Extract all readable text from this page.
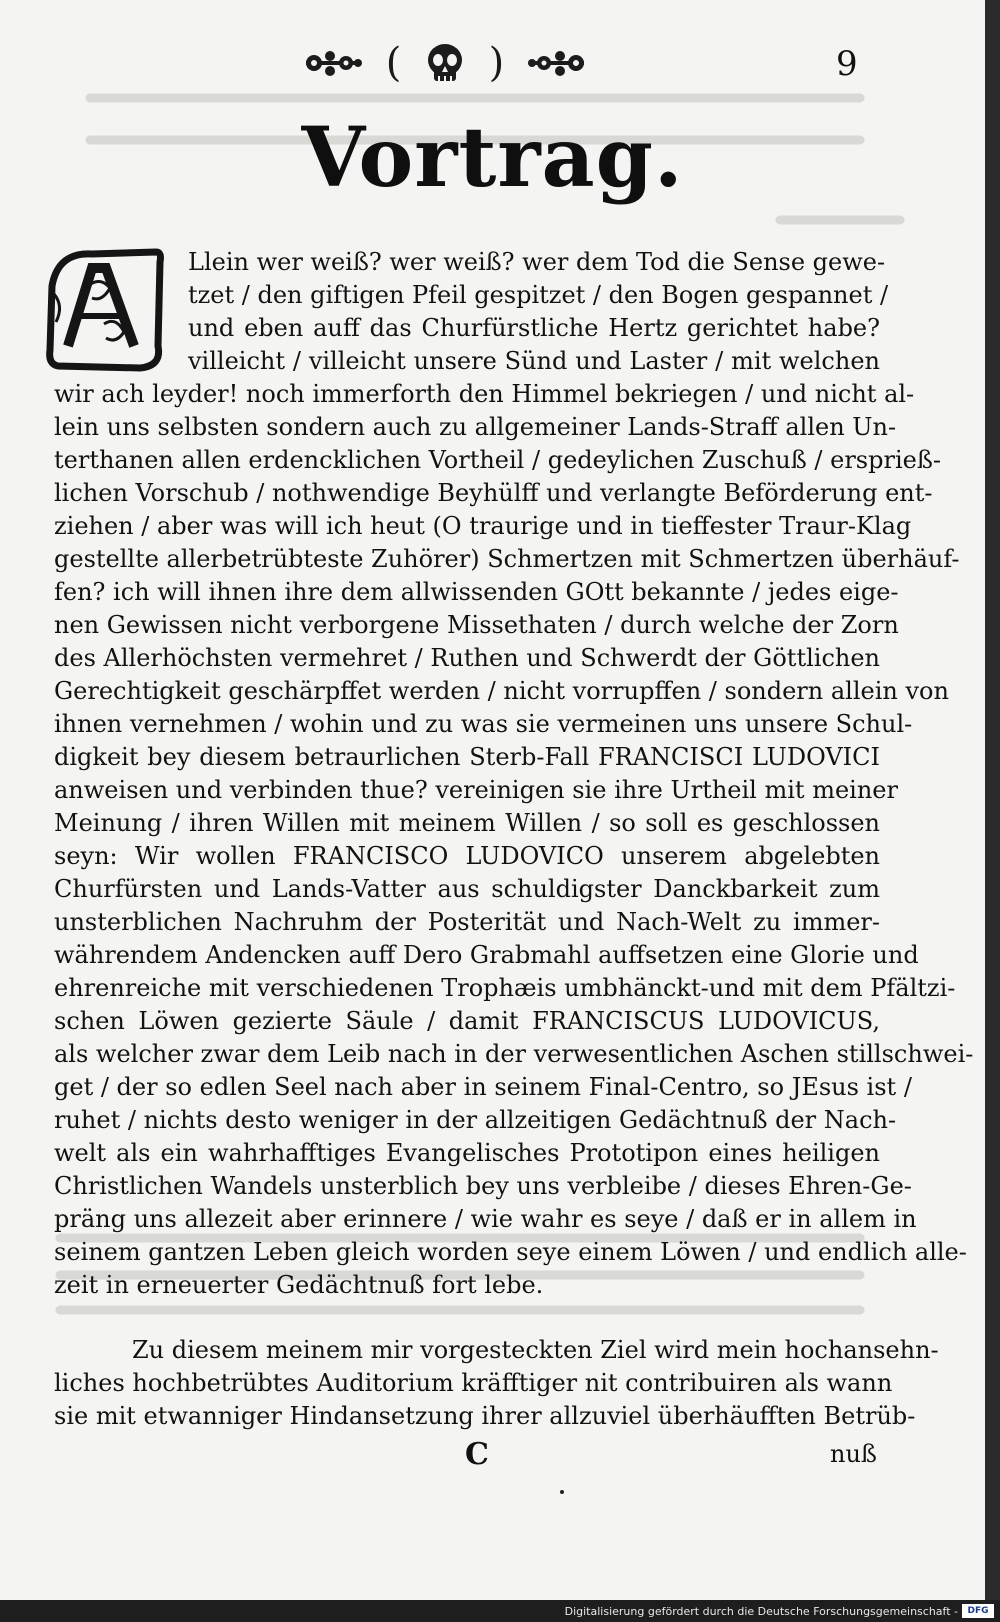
( )	9
Vortrag.
Llein wer weiß? wer weiß? wer dem Tod die Sense gewe-
tzet / den giftigen Pfeil gespitzet / den Bogen gespannet /
und eben auff das Churfürstliche Hertz gerichtet habe?
villeicht / villeicht unsere Sünd und Laster / mit welchen
wir ach leyder! noch immerforth den Himmel bekriegen / und nicht al-
lein uns selbsten sondern auch zu allgemeiner Lands-Straff allen Un-
terthanen allen erdencklichen Vortheil / gedeylichen Zuschuß / ersprieß-
lichen Vorschub / nothwendige Beyhülff und verlangte Beförderung ent-
ziehen / aber was will ich heut (O traurige und in tieffester Traur-Klag
gestellte allerbetrübteste Zuhörer) Schmertzen mit Schmertzen überhäuf-
fen? ich will ihnen ihre dem allwissenden GOtt bekannte / jedes eige-
nen Gewissen nicht verborgene Missethaten / durch welche der Zorn
des Allerhöchsten vermehret / Ruthen und Schwerdt der Göttlichen
Gerechtigkeit geschärpffet werden / nicht vorrupffen / sondern allein von
ihnen vernehmen / wohin und zu was sie vermeinen uns unsere Schul-
digkeit bey diesem betraurlichen Sterb-Fall FRANCISCI LUDOVICI
anweisen und verbinden thue? vereinigen sie ihre Urtheil mit meiner
Meinung / ihren Willen mit meinem Willen / so soll es geschlossen
seyn: Wir wollen FRANCISCO LUDOVICO unserem abgelebten
Churfürsten und Lands-Vatter aus schuldigster Danckbarkeit zum
unsterblichen Nachruhm der Posterität und Nach-Welt zu immer-
währendem Andencken auff Dero Grabmahl auffsetzen eine Glorie und
ehrenreiche mit verschiedenen Trophæis umbhänckt-und mit dem Pfältzi-
schen Löwen gezierte Säule / damit FRANCISCUS LUDOVICUS,
als welcher zwar dem Leib nach in der verwesentlichen Aschen stillschwei-
get / der so edlen Seel nach aber in seinem Final-Centro, so JEsus ist /
ruhet / nichts desto weniger in der allzeitigen Gedächtnuß der Nach-
welt als ein wahrhafftiges Evangelisches Prototipon eines heiligen
Christlichen Wandels unsterblich bey uns verbleibe / dieses Ehren-Ge-
präng uns allezeit aber erinnere / wie wahr es seye / daß er in allem in
seinem gantzen Leben gleich worden seye einem Löwen / und endlich alle-
zeit in erneuerter Gedächtnuß fort lebe.
Zu diesem meinem mir vorgesteckten Ziel wird mein hochansehn-
liches hochbetrübtes Auditorium kräfftiger nit contribuiren als wann
sie mit etwanniger Hindansetzung ihrer allzuviel überhäufften Betrüb-
C	nuß
Digitalisierung gefördert durch die Deutsche Forschungsgemeinschaft -	DFG
